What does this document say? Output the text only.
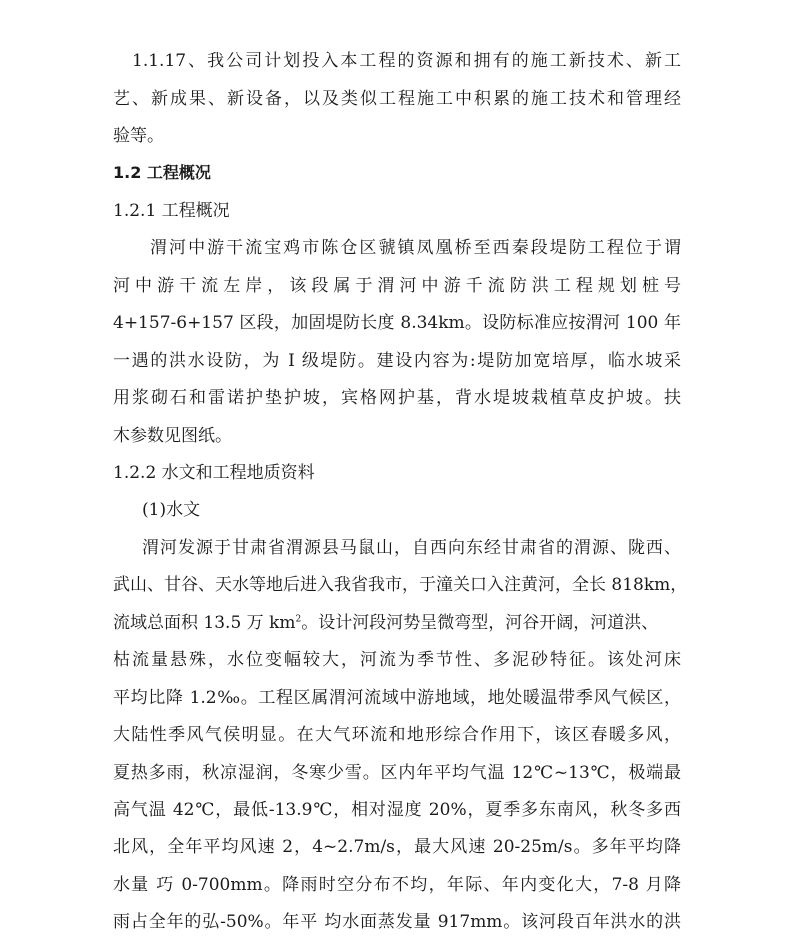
1.1.17、我公司计划投入本工程的资源和拥有的施工新技术、新工
艺、新成果、新设备，以及类似工程施工中积累的施工技术和管理经
验等。
1.2 工程概况
1.2.1 工程概况
渭河中游干流宝鸡市陈仓区虢镇凤凰桥至西秦段堤防工程位于谓
河中游干流左岸，该段属于渭河中游千流防洪工程规划桩号
4+157-6+157 区段，加固堤防长度 8.34km。设防标准应按渭河 100 年
一遇的洪水设防，为 I 级堤防。建设内容为:堤防加宽培厚，临水坡采
用浆砌石和雷诺护垫护坡，宾格网护基，背水堤坡栽植草皮护坡。扶
木参数见图纸。
1.2.2 水文和工程地质资料
(1)水文
渭河发源于甘肃省渭源县马鼠山，自西向东经甘肃省的渭源、陇西、
武山、甘谷、天水等地后进入我省我市，于潼关口入注黄河，全长 818km，
流域总面积 13.5 万 $km^2$。设计河段河势呈微弯型，河谷开阔，河道洪、
枯流量悬殊，水位变幅较大，河流为季节性、多泥砂特征。该处河床
平均比降 1.2‰。工程区属渭河流域中游地域，地处暖温带季风气候区，
大陆性季风气侯明显。在大气环流和地形综合作用下，该区春暖多风，
夏热多雨，秋凉湿润，冬寒少雪。区内年平均气温 12℃~13℃，极端最
高气温 42℃，最低-13.9℃，相对湿度 20%，夏季多东南风，秋冬多西
北风，全年平均风速 2，4~2.7m/s，最大风速 20-25m/s。多年平均降
水量 巧 0-700mm。降雨时空分布不均，年际、年内变化大，7-8 月降
雨占全年的弘-50%。年平 均水面蒸发量 917mm。该河段百年洪水的洪
